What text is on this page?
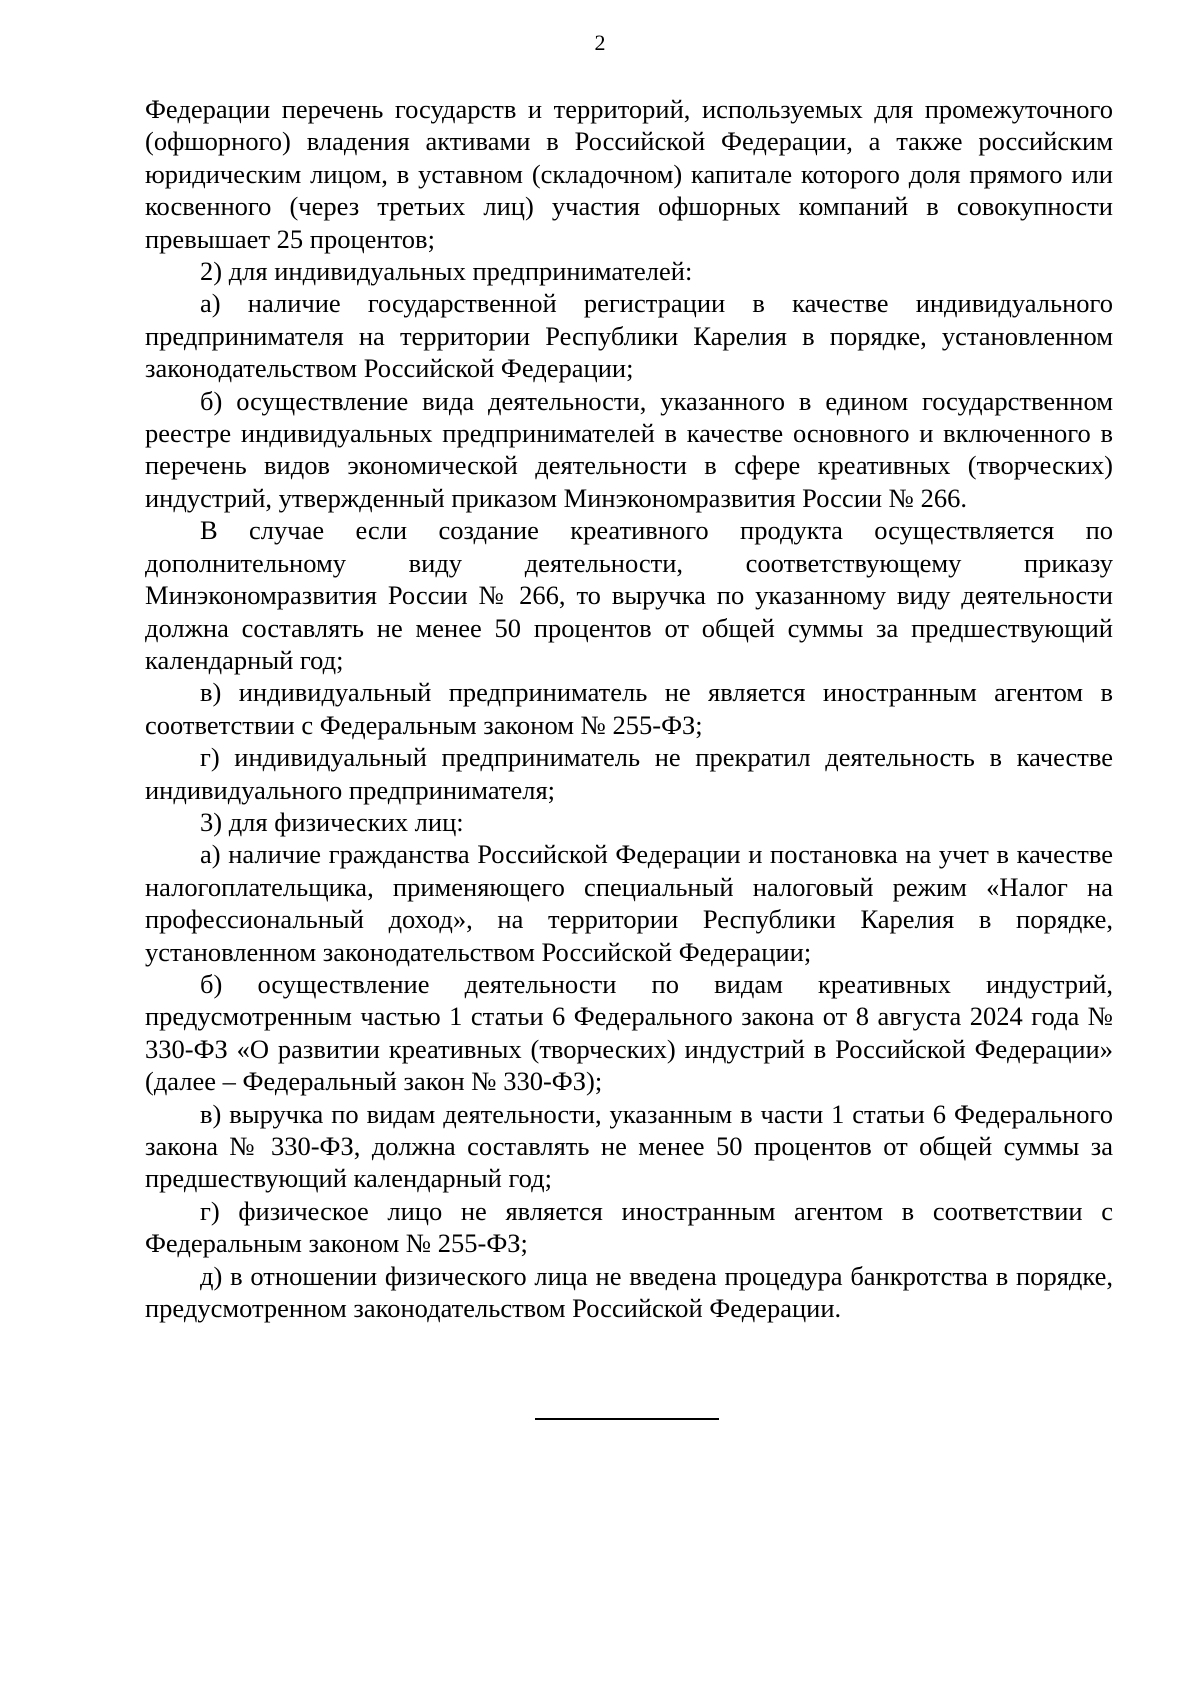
2

Федерации перечень государств и территорий, используемых для промежуточного (офшорного) владения активами в Российской Федерации, а также российским юридическим лицом, в уставном (складочном) капитале которого доля прямого или косвенного (через третьих лиц) участия офшорных компаний в совокупности превышает 25 процентов;

2) для индивидуальных предпринимателей:

а) наличие государственной регистрации в качестве индивидуального предпринимателя на территории Республики Карелия в порядке, установленном законодательством Российской Федерации;

б) осуществление вида деятельности, указанного в едином государственном реестре индивидуальных предпринимателей в качестве основного и включенного в перечень видов экономической деятельности в сфере креативных (творческих) индустрий, утвержденный приказом Минэкономразвития России № 266.

В случае если создание креативного продукта осуществляется по дополнительному виду деятельности, соответствующему приказу Минэкономразвития России № 266, то выручка по указанному виду деятельности должна составлять не менее 50 процентов от общей суммы за предшествующий календарный год;

в) индивидуальный предприниматель не является иностранным агентом в соответствии с Федеральным законом № 255-ФЗ;

г) индивидуальный предприниматель не прекратил деятельность в качестве индивидуального предпринимателя;

3) для физических лиц:

а) наличие гражданства Российской Федерации и постановка на учет в качестве налогоплательщика, применяющего специальный налоговый режим «Налог на профессиональный доход», на территории Республики Карелия в порядке, установленном законодательством Российской Федерации;

б) осуществление деятельности по видам креативных индустрий, предусмотренным частью 1 статьи 6 Федерального закона от 8 августа 2024 года № 330-ФЗ «О развитии креативных (творческих) индустрий в Российской Федерации» (далее – Федеральный закон № 330-ФЗ);

в) выручка по видам деятельности, указанным в части 1 статьи 6 Федерального закона № 330-ФЗ, должна составлять не менее 50 процентов от общей суммы за предшествующий календарный год;

г) физическое лицо не является иностранным агентом в соответствии с Федеральным законом № 255-ФЗ;

д) в отношении физического лица не введена процедура банкротства в порядке, предусмотренном законодательством Российской Федерации.
